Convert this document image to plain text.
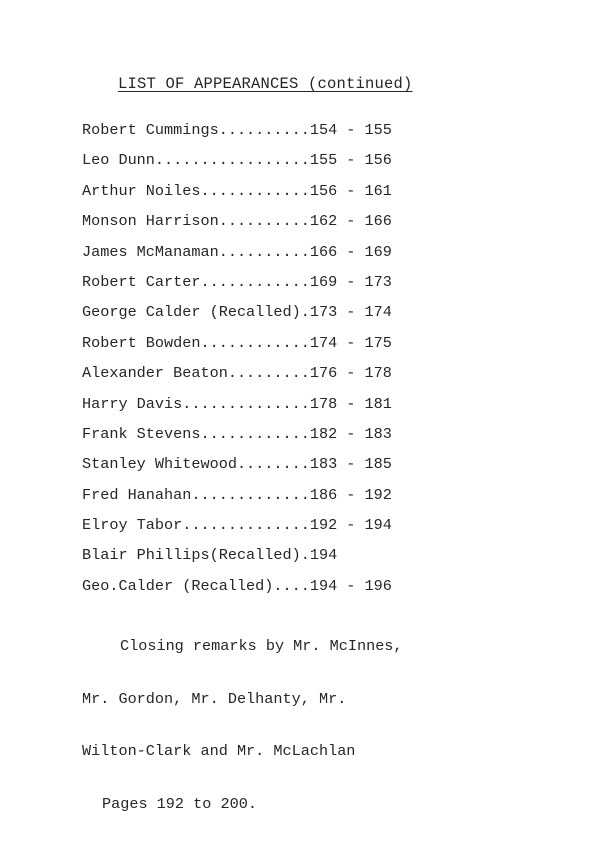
LIST OF APPEARANCES (continued)
Robert Cummings..........154 - 155
Leo Dunn.................155 - 156
Arthur Noiles............156 - 161
Monson Harrison..........162 - 166
James McManaman..........166 - 169
Robert Carter............169 - 173
George Calder (Recalled).173 - 174
Robert Bowden............174 - 175
Alexander Beaton.........176 - 178
Harry Davis..............178 - 181
Frank Stevens............182 - 183
Stanley Whitewood........183 - 185
Fred Hanahan.............186 - 192
Elroy Tabor..............192 - 194
Blair Phillips(Recalled).194
Geo.Calder (Recalled)....194 - 196

Closing remarks by Mr. McInnes,

Mr. Gordon, Mr. Delhanty, Mr.

Wilton-Clark and Mr. McLachlan

Pages 192 to 200.
